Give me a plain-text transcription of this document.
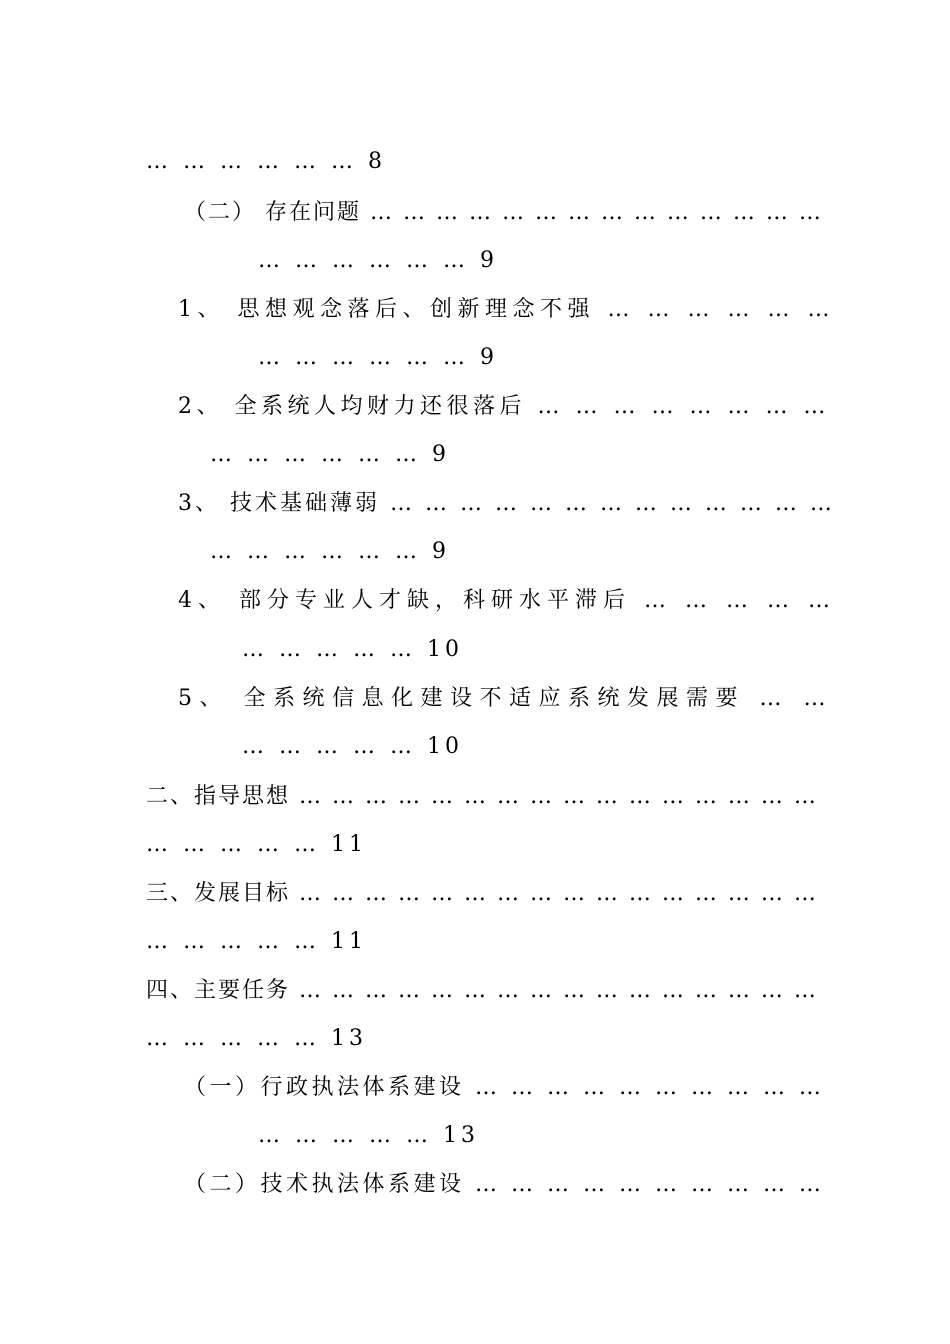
… … … … … … 8
（二） 存在问题 … … … … … … … … … … … … … …
… … … … … … 9
1、 思想观念落后、创新理念不强 … … … … … …
… … … … … … 9
2、 全系统人均财力还很落后 … … … … … … … …
… … … … … … 9
3、 技术基础薄弱 … … … … … … … … … … … … …
… … … … … … 9
4、 部分专业人才缺，科研水平滞后 … … … … …
… … … … … 10
5、 全系统信息化建设不适应系统发展需要 … …
… … … … … 10
二、指导思想 … … … … … … … … … … … … … … … …
… … … … … 11
三、发展目标 … … … … … … … … … … … … … … … …
… … … … … 11
四、主要任务 … … … … … … … … … … … … … … … …
… … … … … 13
（一）行政执法体系建设 … … … … … … … … … …
… … … … … 13
（二）技术执法体系建设 … … … … … … … … … …
